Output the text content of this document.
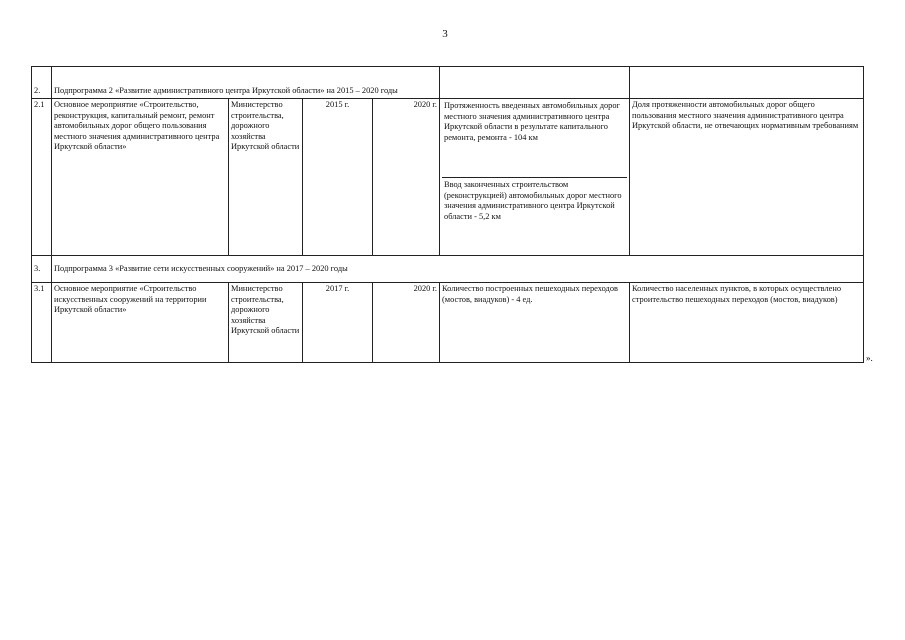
3
2.	Подпрограмма 2 «Развитие административного центра Иркутской области» на 2015 – 2020 годы					
2.1	Основное мероприятие «Строительство, реконструкция, капитальный ремонт, ремонт автомобильных дорог общего пользования местного значения административного центра Иркутской области»	Министерство строительства, дорожного хозяйства Иркутской области	2015 г.	2020 г.	Протяженность введенных автомобильных дорог местного значения административного центра Иркутской области в результате капитального ремонта, ремонта - 104 км
Ввод законченных строительством (реконструкцией) автомобильных дорог местного значения административного центра Иркутской области - 5,2 км	Доля протяженности автомобильных дорог общего пользования местного значения административного центра Иркутской области, не отвечающих нормативным требованиям
3.	Подпрограмма 3 «Развитие сети искусственных сооружений» на 2017 – 2020 годы					
3.1	Основное мероприятие «Строительство искусственных сооружений на территории Иркутской области»	Министерство строительства, дорожного хозяйства Иркутской области	2017 г.	2020 г.	Количество построенных пешеходных переходов (мостов, виадуков) - 4 ед.	Количество населенных пунктов, в которых осуществлено строительство пешеходных переходов (мостов, виадуков)
».
